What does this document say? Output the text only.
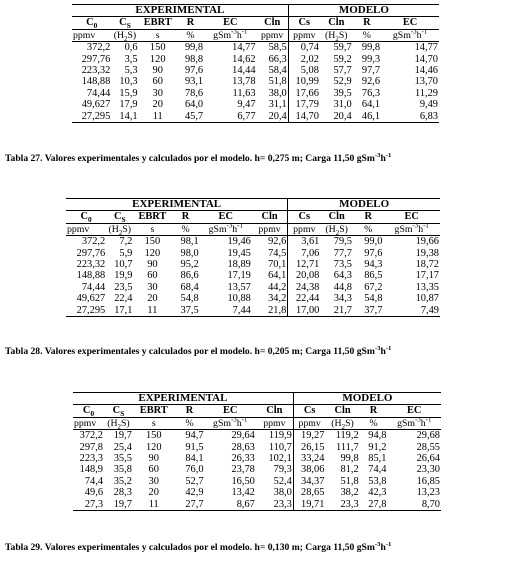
EXPERIMENTAL						MODELO			
$C_0$	$C_S$	EBRT	R	EC	Cln	Cs	Cln	R	EC
ppmv	$(H_2S)$	s	%	$gSm^{-3}h^{-1}$	ppmv	ppmv	$(H_2S)$	%	$gSm^{-3}h^{-1}$
372,2	0,6	150	99,8	14,77	58,5	0,74	59,7	99,8	14,77
297,76	3,5	120	98,8	14,62	66,3	2,02	59,2	99,3	14,70
223,32	5,3	90	97,6	14,44	58,4	5,08	57,7	97,7	14,46
148,88	10,3	60	93,1	13,78	51,8	10,99	52,9	92,6	13,70
74,44	15,9	30	78,6	11,63	38,0	17,66	39,5	76,3	11,29
49,627	17,9	20	64,0	9,47	31,1	17,79	31,0	64,1	9,49
27,295	14,1	11	45,7	6,77	20,4	14,70	20,4	46,1	6,83
Tabla 27. Valores experimentales y calculados por el modelo. h= 0,275 m; Carga 11,50 $gSm^{-3}h^{-1}$
EXPERIMENTAL						MODELO			
$C_0$	$C_S$	EBRT	R	EC	Cln	Cs	Cln	R	EC
ppmv	$(H_2S)$	s	%	$gSm^{-3}h^{-1}$	ppmv	ppmv	$(H_2S)$	%	$gSm^{-3}h^{-1}$
372,2	7,2	150	98,1	19,46	92,6	3,61	79,5	99,0	19,66
297,76	5,9	120	98,0	19,45	74,5	7,06	77,7	97,6	19,38
223,32	10,7	90	95,2	18,89	70,1	12,71	73,5	94,3	18,72
148,88	19,9	60	86,6	17,19	64,1	20,08	64,3	86,5	17,17
74,44	23,5	30	68,4	13,57	44,2	24,38	44,8	67,2	13,35
49,627	22,4	20	54,8	10,88	34,2	22,44	34,3	54,8	10,87
27,295	17,1	11	37,5	7,44	21,8	17,00	21,7	37,7	7,49
Tabla 28. Valores experimentales y calculados por el modelo. h= 0,205 m; Carga 11,50 $gSm^{-3}h^{-1}$
EXPERIMENTAL						MODELO			
$C_0$	$C_S$	EBRT	R	EC	Cln	Cs	Cln	R	EC
ppmv	$(H_2S)$	s	%	$gSm^{-3}h^{-1}$	ppmv	ppmv	$(H_2S)$	%	$gSm^{-3}h^{-1}$
372,2	19,7	150	94,7	29,64	119,9	19,27	119,2	94,8	29,68
297,8	25,4	120	91,5	28,63	110,7	26,15	111,7	91,2	28,55
223,3	35,5	90	84,1	26,33	102,1	33,24	99,8	85,1	26,64
148,9	35,8	60	76,0	23,78	79,3	38,06	81,2	74,4	23,30
74,4	35,2	30	52,7	16,50	52,4	34,37	51,8	53,8	16,85
49,6	28,3	20	42,9	13,42	38,0	28,65	38,2	42,3	13,23
27,3	19,7	11	27,7	8,67	23,3	19,71	23,3	27,8	8,70
Tabla 29. Valores experimentales y calculados por el modelo. h= 0,130 m; Carga 11,50 $gSm^{-3}h^{-1}$
